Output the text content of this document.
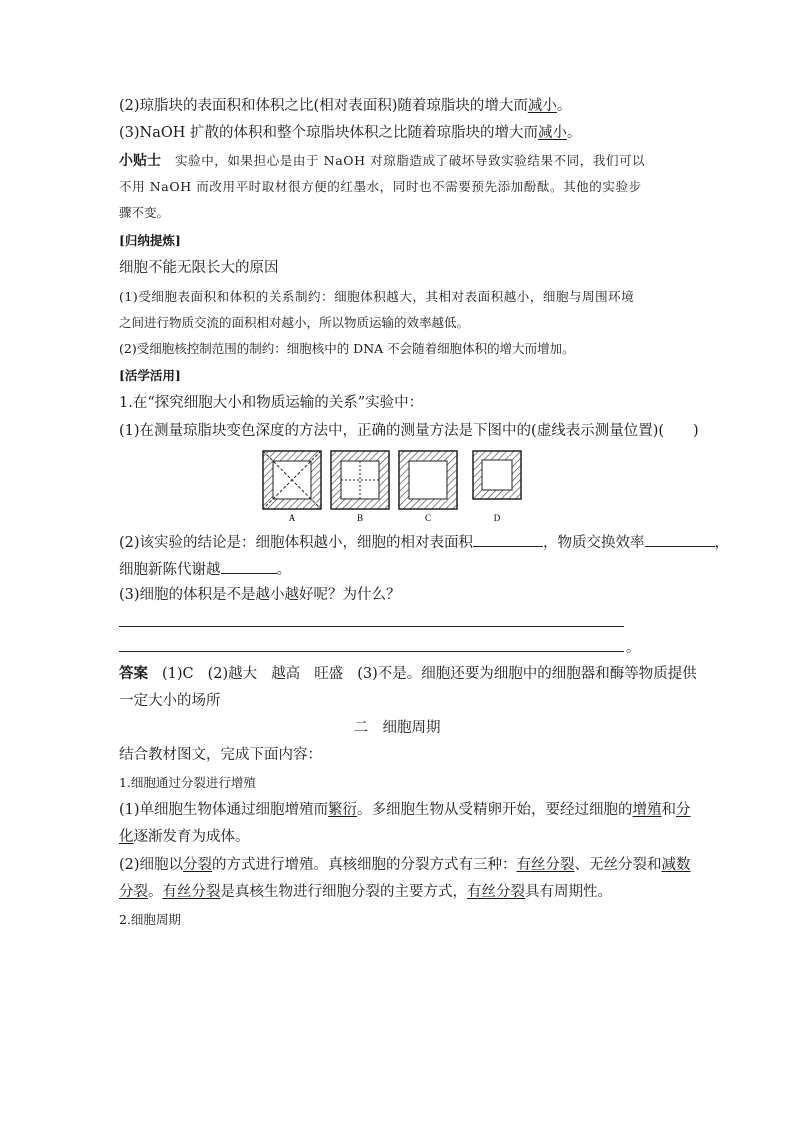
(2)琼脂块的表面积和体积之比(相对表面积)随着琼脂块的增大而减小。
(3)NaOH 扩散的体积和整个琼脂块体积之比随着琼脂块的增大而减小。
小贴士 实验中，如果担心是由于 NaOH 对琼脂造成了破坏导致实验结果不同，我们可以
不用 NaOH 而改用平时取材很方便的红墨水，同时也不需要预先添加酚酞。其他的实验步
骤不变。
[归纳提炼]
细胞不能无限长大的原因
(1)受细胞表面积和体积的关系制约：细胞体积越大，其相对表面积越小，细胞与周围环境
之间进行物质交流的面积相对越小，所以物质运输的效率越低。
(2)受细胞核控制范围的制约：细胞核中的 DNA 不会随着细胞体积的增大而增加。
[活学活用]
1.在“探究细胞大小和物质运输的关系”实验中：
(1)在测量琼脂块变色深度的方法中，正确的测量方法是下图中的(虚线表示测量位置)(　　)
A	B	C	D
(2)该实验的结论是：细胞体积越小，细胞的相对表面积	，物质交换效率	，
细胞新陈代谢越	。
(3)细胞的体积是不是越小越好呢？为什么？
。
答案 (1)C (2)越大 越高 旺盛 (3)不是。细胞还要为细胞中的细胞器和酶等物质提供
一定大小的场所
二　细胞周期
结合教材图文，完成下面内容：
1.细胞通过分裂进行增殖
(1)单细胞生物体通过细胞增殖而繁衍。多细胞生物从受精卵开始，要经过细胞的增殖和分
化逐渐发育为成体。
(2)细胞以分裂的方式进行增殖。真核细胞的分裂方式有三种：有丝分裂、无丝分裂和减数
分裂。有丝分裂是真核生物进行细胞分裂的主要方式，有丝分裂具有周期性。
2.细胞周期
